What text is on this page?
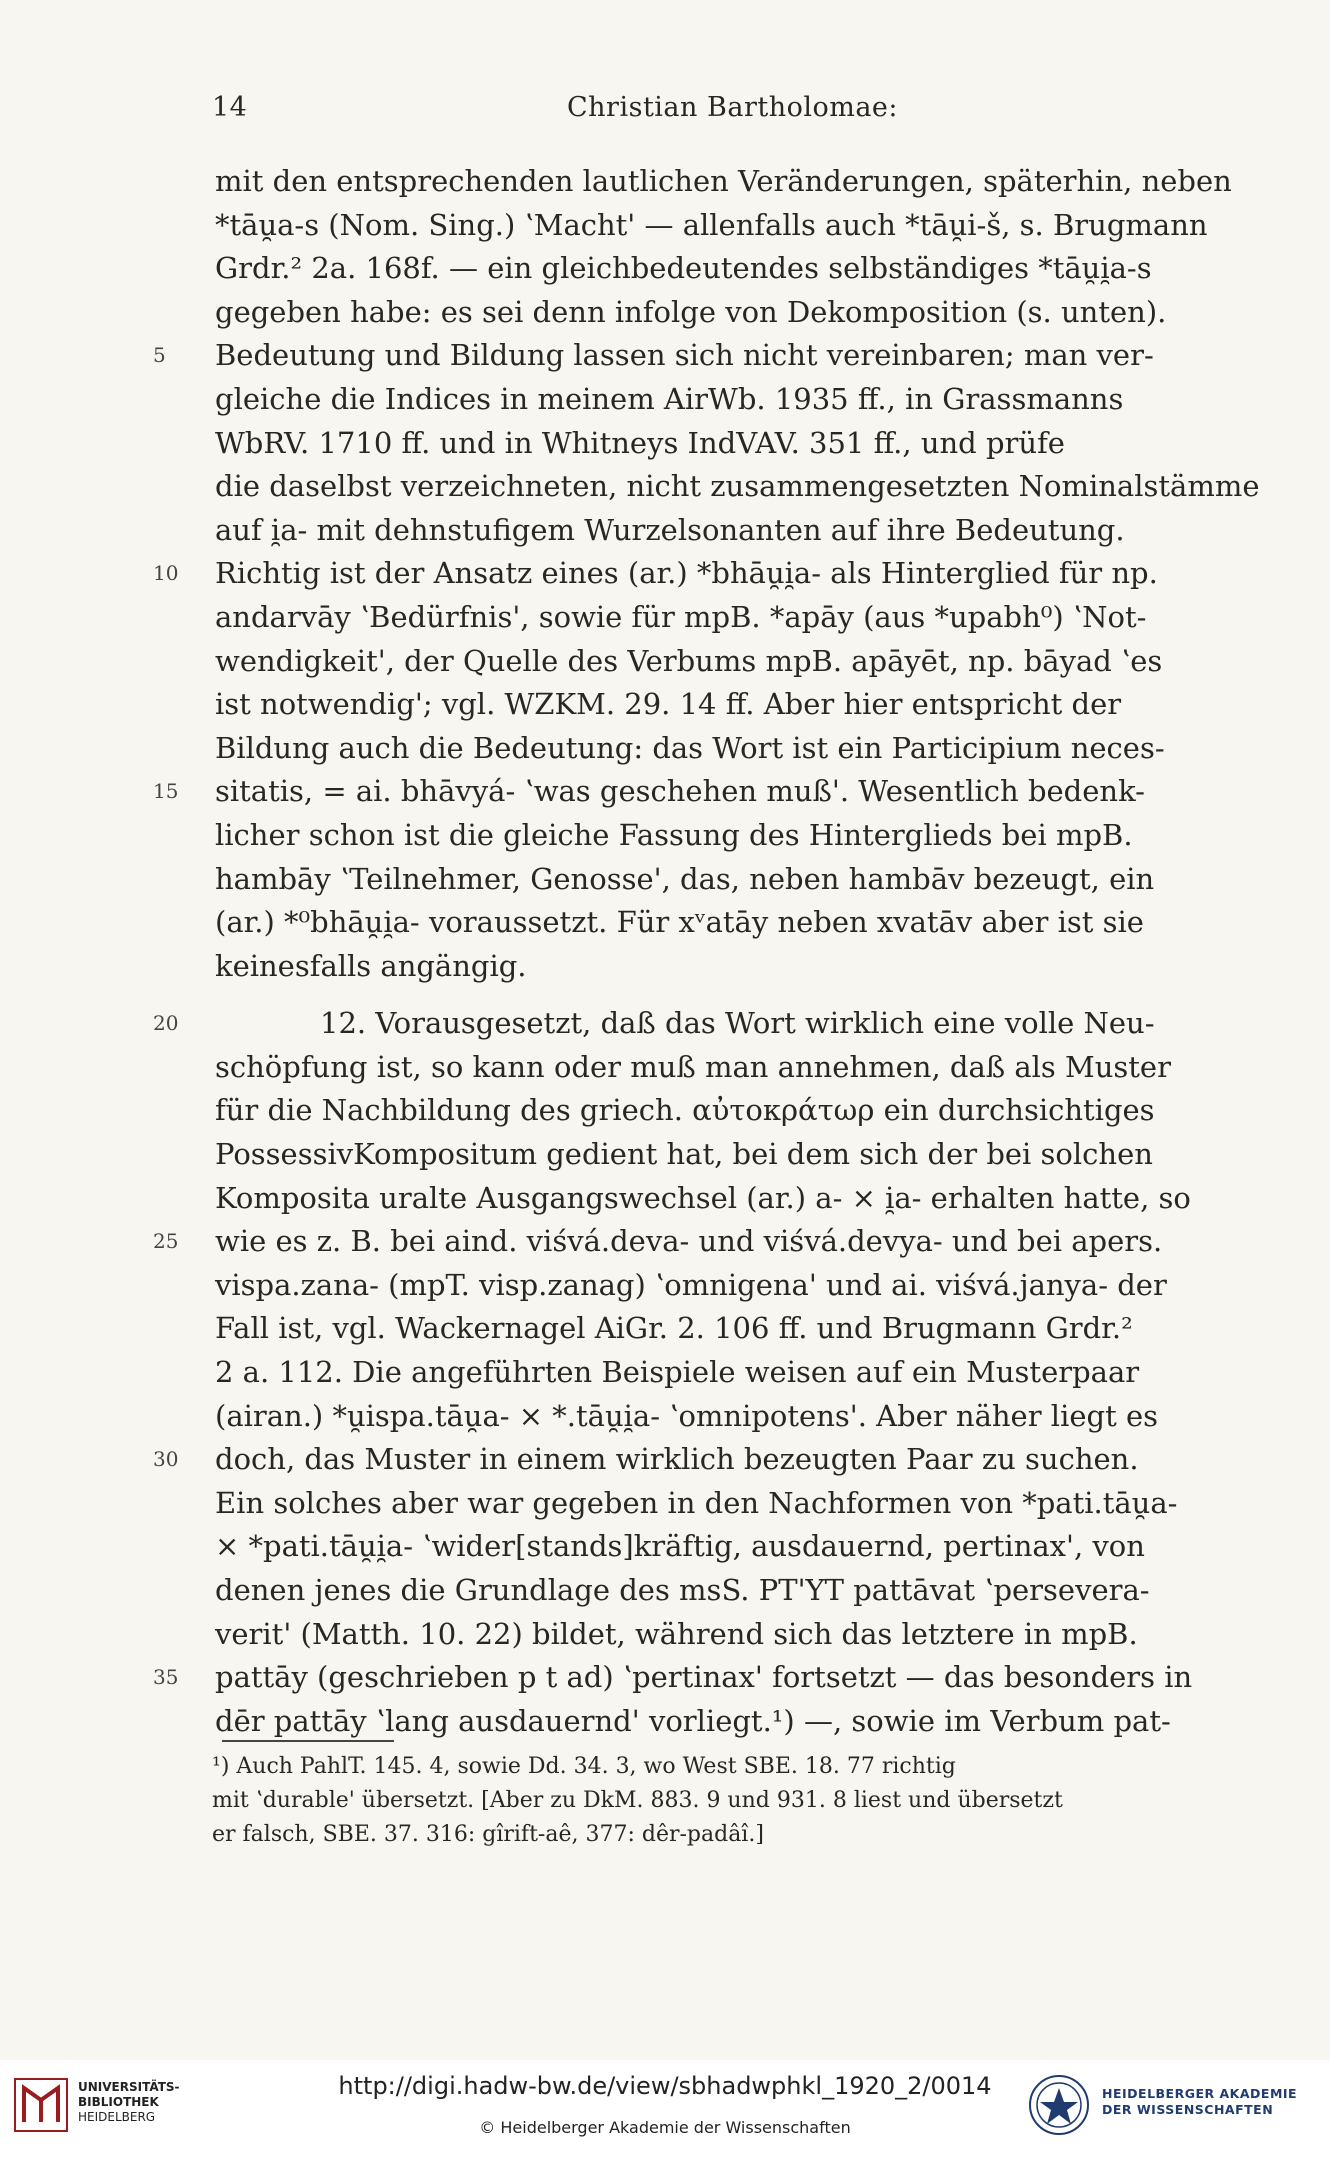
14	Christian Bartholomae:
mit den entsprechenden lautlichen Veränderungen, späterhin, neben
*tāu̯a-s (Nom. Sing.) ʽMacht' — allenfalls auch *tāu̯i-š, s. Brugmann
Grdr.² 2a. 168f. — ein gleichbedeutendes selbständiges *tāu̯i̯a-s
gegeben habe: es sei denn infolge von Dekomposition (s. unten).
5 Bedeutung und Bildung lassen sich nicht vereinbaren; man ver-
gleiche die Indices in meinem AirWb. 1935 ff., in Grassmanns
WbRV. 1710 ff. und in Whitneys IndVAV. 351 ff., und prüfe
die daselbst verzeichneten, nicht zusammengesetzten Nominalstämme
auf i̯a- mit dehnstufigem Wurzelsonanten auf ihre Bedeutung.
10 Richtig ist der Ansatz eines (ar.) *bhāu̯i̯a- als Hinterglied für np.
andarvāy ʽBedürfnis', sowie für mpB. *apāy (aus *upabh⁰) ʽNot-
wendigkeit', der Quelle des Verbums mpB. apāyēt, np. bāyad ʽes
ist notwendig'; vgl. WZKM. 29. 14 ff. Aber hier entspricht der
Bildung auch die Bedeutung: das Wort ist ein Participium neces-
15 sitatis, = ai. bhāvyá- ʽwas geschehen muß'. Wesentlich bedenk-
licher schon ist die gleiche Fassung des Hinterglieds bei mpB.
hambāy ʽTeilnehmer, Genosse', das, neben hambāv bezeugt, ein
(ar.) *⁰bhāu̯i̯a- voraussetzt. Für xᵛatāy neben xvatāv aber ist sie
keinesfalls angängig.
20	12. Vorausgesetzt, daß das Wort wirklich eine volle Neu-
schöpfung ist, so kann oder muß man annehmen, daß als Muster
für die Nachbildung des griech. αὐτοκράτωρ ein durchsichtiges
PossessivKompositum gedient hat, bei dem sich der bei solchen
Komposita uralte Ausgangswechsel (ar.) a- × i̯a- erhalten hatte, so
25 wie es z. B. bei aind. viśvá.deva- und viśvá.devya- und bei apers.
vispa.zana- (mpT. visp.zanag) ʽomnigena' und ai. viśvá.janya- der
Fall ist, vgl. Wackernagel AiGr. 2. 106 ff. und Brugmann Grdr.²
2 a. 112. Die angeführten Beispiele weisen auf ein Musterpaar
(airan.) *u̯ispa.tāu̯a- × *.tāu̯i̯a- ʽomnipotens'. Aber näher liegt es
30 doch, das Muster in einem wirklich bezeugten Paar zu suchen.
Ein solches aber war gegeben in den Nachformen von *pati.tāu̯a-
× *pati.tāu̯i̯a- ʽwider[stands]kräftig, ausdauernd, pertinax', von
denen jenes die Grundlage des msS. PT'YT pattāvat ʽpersevera-
verit' (Matth. 10. 22) bildet, während sich das letztere in mpB.
35 pattāy (geschrieben p t ad) ʽpertinax' fortsetzt — das besonders in
dēr pattāy ʽlang ausdauernd' vorliegt.¹) —, sowie im Verbum pat-
¹) Auch PahlT. 145. 4, sowie Dd. 34. 3, wo West SBE. 18. 77 richtig
mit ʽdurable' übersetzt. [Aber zu DkM. 883. 9 und 931. 8 liest und übersetzt
er falsch, SBE. 37. 316: gîrift-aê, 377: dêr-padâî.]
UNIVERSITÄTS-
BIBLIOTHEK
HEIDELBERG
http://digi.hadw-bw.de/view/sbhadwphkl_1920_2/0014
© Heidelberger Akademie der Wissenschaften
HEIDELBERGER AKADEMIE
DER WISSENSCHAFTEN
